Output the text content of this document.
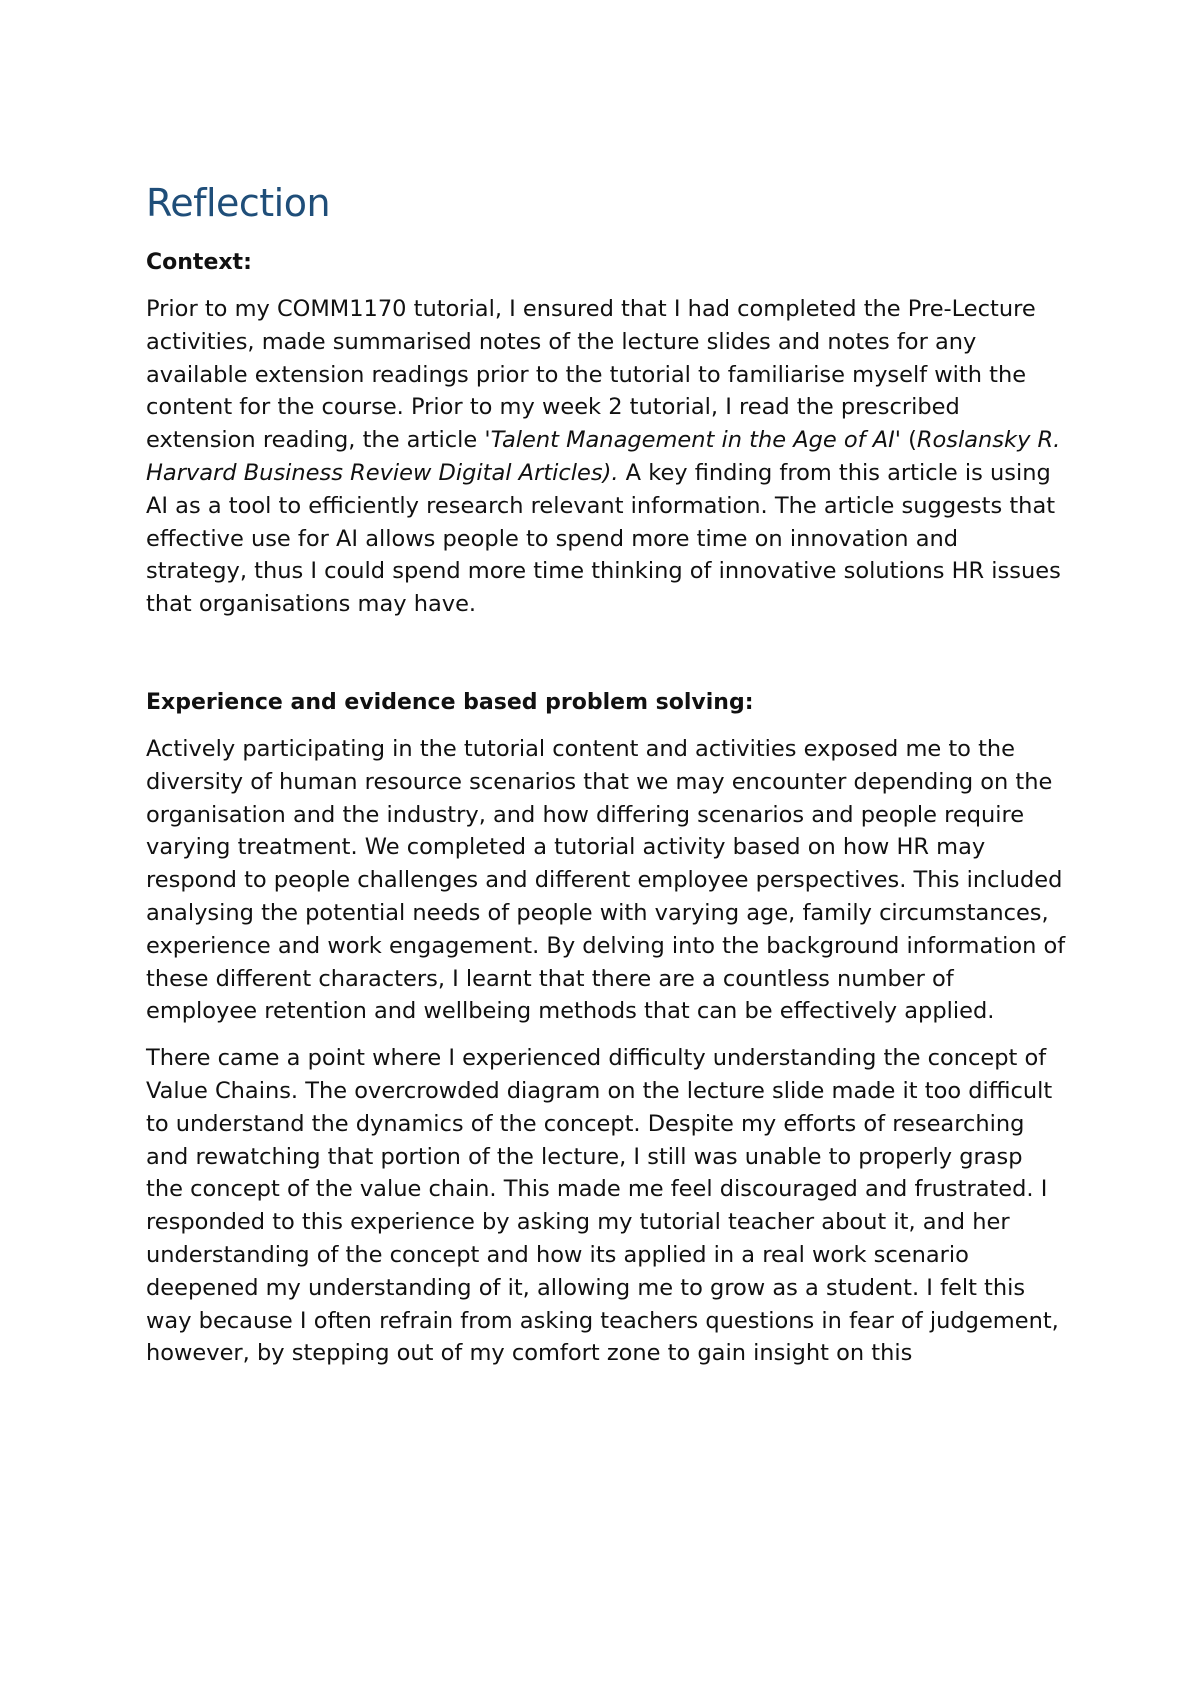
Reflection
Context:

Prior to my COMM1170 tutorial, I ensured that I had completed the Pre-Lecture activities, made summarised notes of the lecture slides and notes for any available extension readings prior to the tutorial to familiarise myself with the content for the course. Prior to my week 2 tutorial, I read the prescribed extension reading, the article 'Talent Management in the Age of AI' (Roslansky R. Harvard Business Review Digital Articles). A key finding from this article is using AI as a tool to efficiently research relevant information. The article suggests that effective use for AI allows people to spend more time on innovation and strategy, thus I could spend more time thinking of innovative solutions HR issues that organisations may have.

Experience and evidence based problem solving:

Actively participating in the tutorial content and activities exposed me to the diversity of human resource scenarios that we may encounter depending on the organisation and the industry, and how differing scenarios and people require varying treatment. We completed a tutorial activity based on how HR may respond to people challenges and different employee perspectives. This included analysing the potential needs of people with varying age, family circumstances, experience and work engagement. By delving into the background information of these different characters, I learnt that there are a countless number of employee retention and wellbeing methods that can be effectively applied.

There came a point where I experienced difficulty understanding the concept of Value Chains. The overcrowded diagram on the lecture slide made it too difficult to understand the dynamics of the concept. Despite my efforts of researching and rewatching that portion of the lecture, I still was unable to properly grasp the concept of the value chain. This made me feel discouraged and frustrated. I responded to this experience by asking my tutorial teacher about it, and her understanding of the concept and how its applied in a real work scenario deepened my understanding of it, allowing me to grow as a student. I felt this way because I often refrain from asking teachers questions in fear of judgement, however, by stepping out of my comfort zone to gain insight on this
